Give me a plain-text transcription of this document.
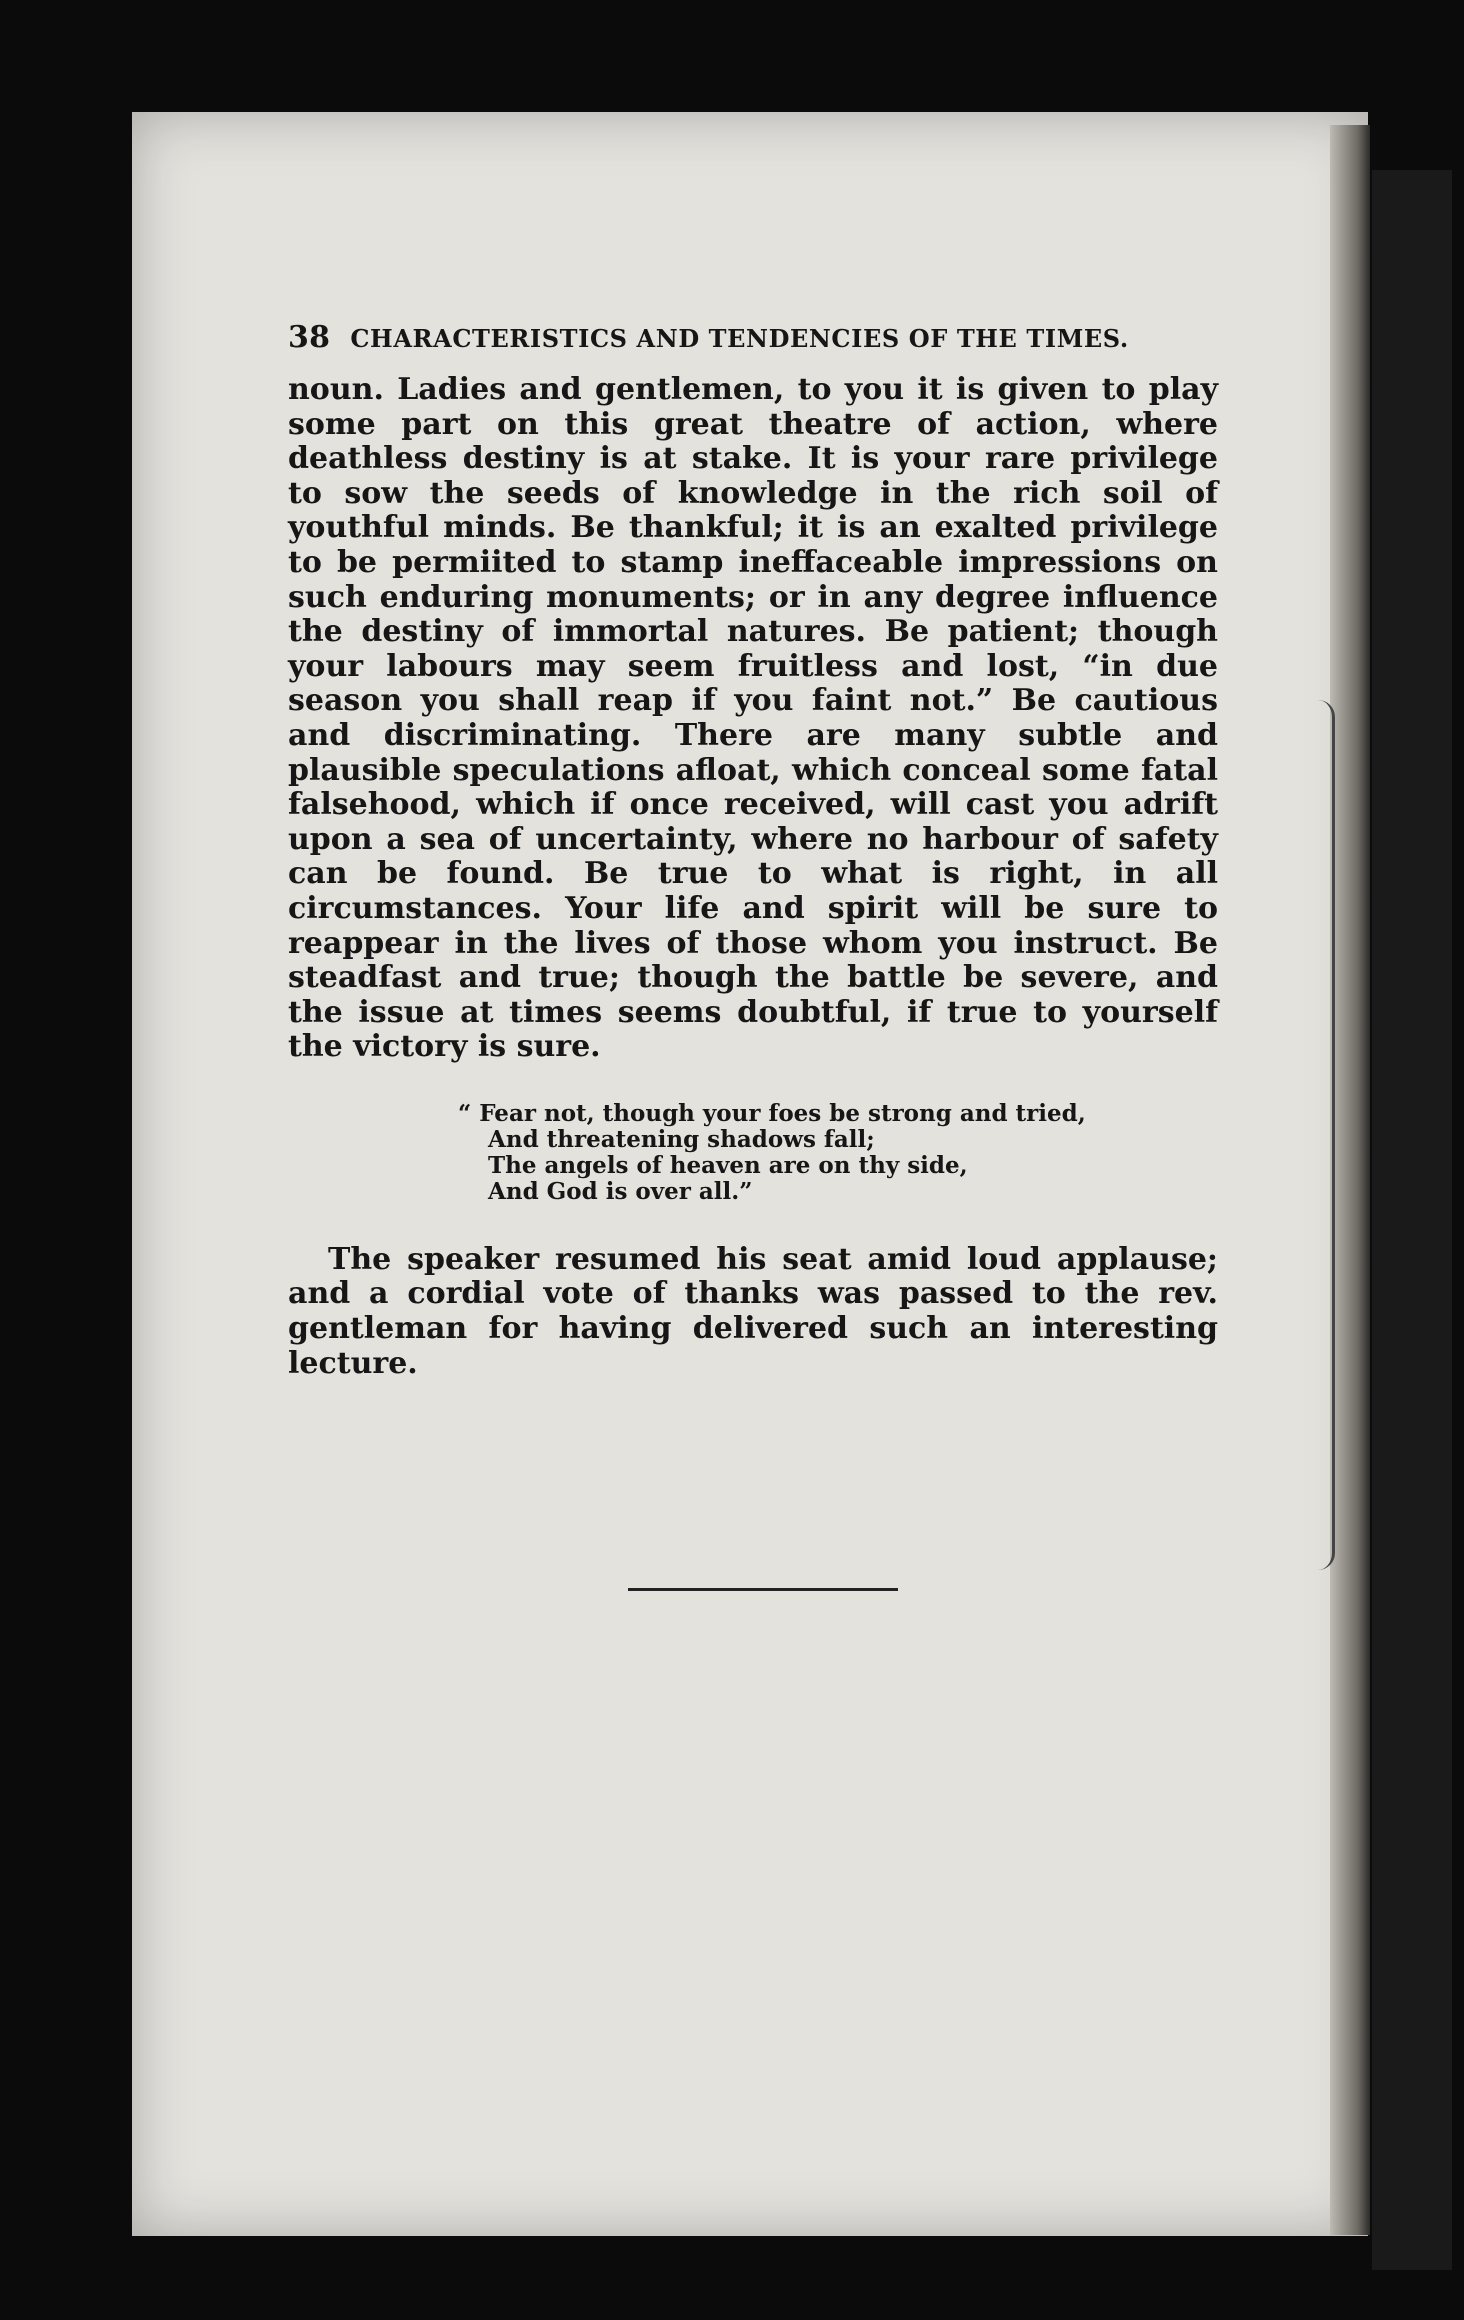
38 CHARACTERISTICS AND TENDENCIES OF THE TIMES.

noun. Ladies and gentlemen, to you it is given to play some part on this great theatre of action, where deathless destiny is at stake. It is your rare privilege to sow the seeds of knowledge in the rich soil of youthful minds. Be thankful; it is an exalted privilege to be permiited to stamp ineffaceable impressions on such enduring monuments; or in any degree influence the destiny of immortal natures. Be patient; though your labours may seem fruitless and lost, “in due season you shall reap if you faint not.” Be cautious and discriminating. There are many subtle and plausible speculations afloat, which conceal some fatal falsehood, which if once received, will cast you adrift upon a sea of uncertainty, where no harbour of safety can be found. Be true to what is right, in all circumstances. Your life and spirit will be sure to reappear in the lives of those whom you instruct. Be steadfast and true; though the battle be severe, and the issue at times seems doubtful, if true to yourself the victory is sure.

“ Fear not, though your foes be strong and tried,
And threatening shadows fall;
The angels of heaven are on thy side,
And God is over all.”

The speaker resumed his seat amid loud applause; and a cordial vote of thanks was passed to the rev. gentleman for having delivered such an interesting lecture.
